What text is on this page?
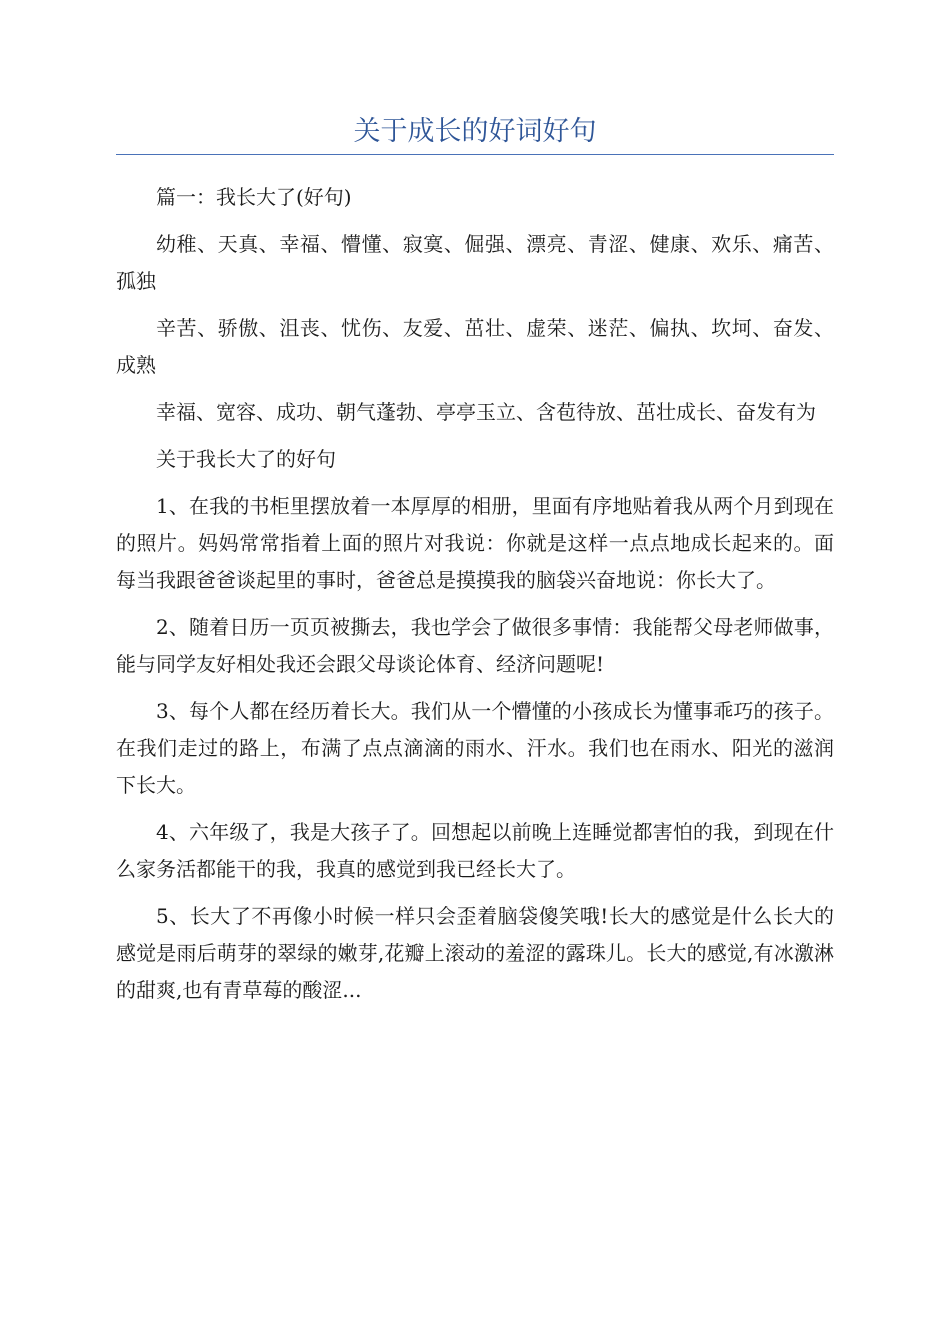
关于成长的好词好句

篇一：我长大了(好句)

幼稚、天真、幸福、懵懂、寂寞、倔强、漂亮、青涩、健康、欢乐、痛苦、孤独

辛苦、骄傲、沮丧、忧伤、友爱、茁壮、虚荣、迷茫、偏执、坎坷、奋发、成熟

幸福、宽容、成功、朝气蓬勃、亭亭玉立、含苞待放、茁壮成长、奋发有为

关于我长大了的好句

1、在我的书柜里摆放着一本厚厚的相册，里面有序地贴着我从两个月到现在的照片。妈妈常常指着上面的照片对我说：你就是这样一点点地成长起来的。面每当我跟爸爸谈起里的事时，爸爸总是摸摸我的脑袋兴奋地说：你长大了。

2、随着日历一页页被撕去，我也学会了做很多事情：我能帮父母老师做事，能与同学友好相处我还会跟父母谈论体育、经济问题呢!

3、每个人都在经历着长大。我们从一个懵懂的小孩成长为懂事乖巧的孩子。在我们走过的路上，布满了点点滴滴的雨水、汗水。我们也在雨水、阳光的滋润下长大。

4、六年级了，我是大孩子了。回想起以前晚上连睡觉都害怕的我，到现在什么家务活都能干的我，我真的感觉到我已经长大了。

5、长大了不再像小时候一样只会歪着脑袋傻笑哦!长大的感觉是什么长大的感觉是雨后萌芽的翠绿的嫩芽,花瓣上滚动的羞涩的露珠儿。长大的感觉,有冰激淋的甜爽,也有青草莓的酸涩...
